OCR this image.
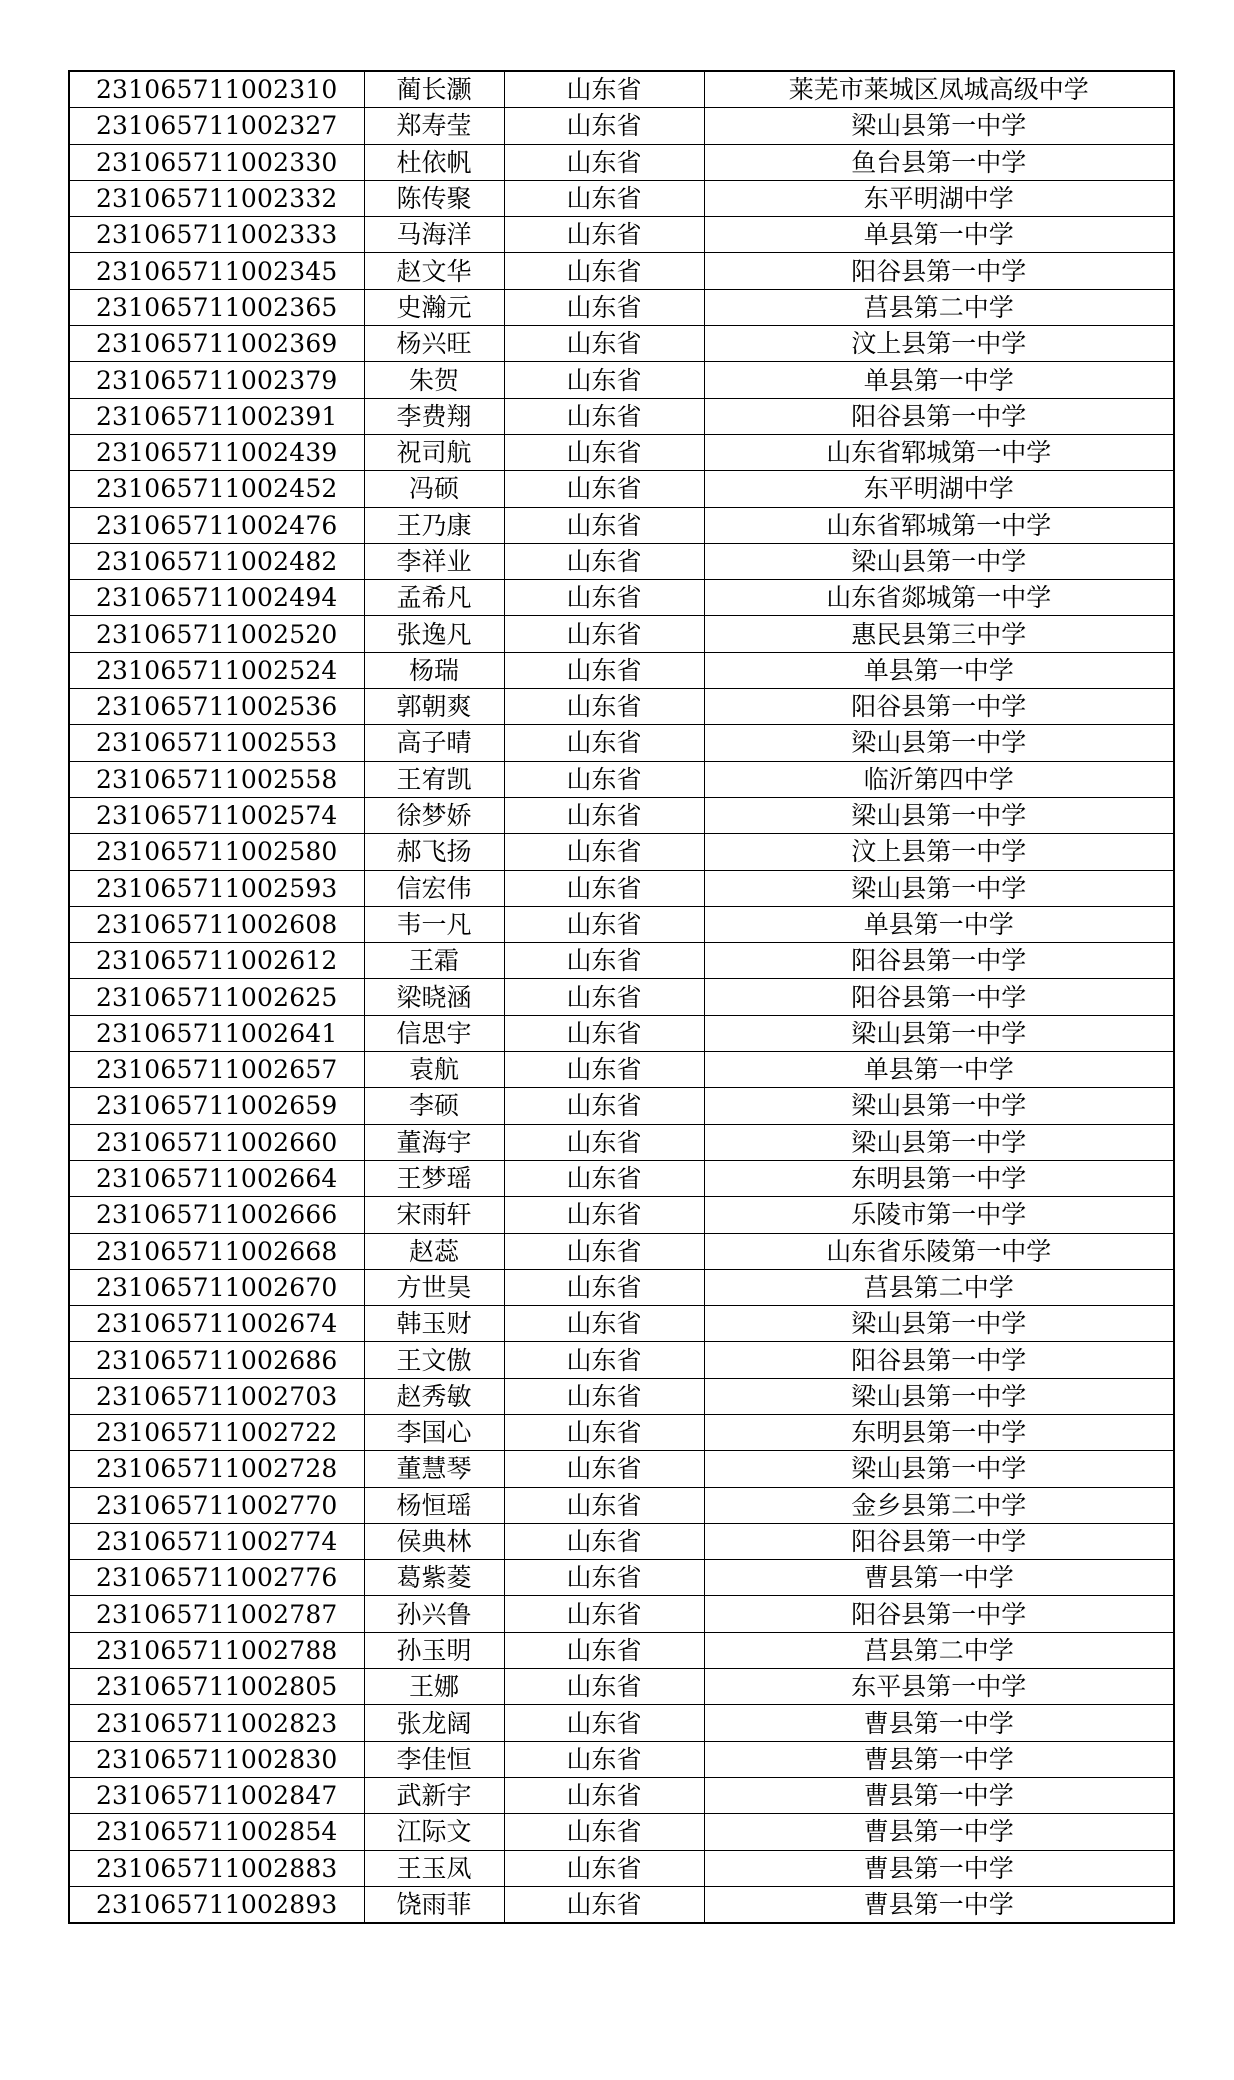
231065711002310	蔺长灏	山东省	莱芜市莱城区凤城高级中学
231065711002327	郑寿莹	山东省	梁山县第一中学
231065711002330	杜依帆	山东省	鱼台县第一中学
231065711002332	陈传聚	山东省	东平明湖中学
231065711002333	马海洋	山东省	单县第一中学
231065711002345	赵文华	山东省	阳谷县第一中学
231065711002365	史瀚元	山东省	莒县第二中学
231065711002369	杨兴旺	山东省	汶上县第一中学
231065711002379	朱贺	山东省	单县第一中学
231065711002391	李费翔	山东省	阳谷县第一中学
231065711002439	祝司航	山东省	山东省郓城第一中学
231065711002452	冯硕	山东省	东平明湖中学
231065711002476	王乃康	山东省	山东省郓城第一中学
231065711002482	李祥业	山东省	梁山县第一中学
231065711002494	孟希凡	山东省	山东省郯城第一中学
231065711002520	张逸凡	山东省	惠民县第三中学
231065711002524	杨瑞	山东省	单县第一中学
231065711002536	郭朝爽	山东省	阳谷县第一中学
231065711002553	高子晴	山东省	梁山县第一中学
231065711002558	王宥凯	山东省	临沂第四中学
231065711002574	徐梦娇	山东省	梁山县第一中学
231065711002580	郝飞扬	山东省	汶上县第一中学
231065711002593	信宏伟	山东省	梁山县第一中学
231065711002608	韦一凡	山东省	单县第一中学
231065711002612	王霜	山东省	阳谷县第一中学
231065711002625	梁晓涵	山东省	阳谷县第一中学
231065711002641	信思宇	山东省	梁山县第一中学
231065711002657	袁航	山东省	单县第一中学
231065711002659	李硕	山东省	梁山县第一中学
231065711002660	董海宇	山东省	梁山县第一中学
231065711002664	王梦瑶	山东省	东明县第一中学
231065711002666	宋雨轩	山东省	乐陵市第一中学
231065711002668	赵蕊	山东省	山东省乐陵第一中学
231065711002670	方世昊	山东省	莒县第二中学
231065711002674	韩玉财	山东省	梁山县第一中学
231065711002686	王文傲	山东省	阳谷县第一中学
231065711002703	赵秀敏	山东省	梁山县第一中学
231065711002722	李国心	山东省	东明县第一中学
231065711002728	董慧琴	山东省	梁山县第一中学
231065711002770	杨恒瑶	山东省	金乡县第二中学
231065711002774	侯典林	山东省	阳谷县第一中学
231065711002776	葛紫菱	山东省	曹县第一中学
231065711002787	孙兴鲁	山东省	阳谷县第一中学
231065711002788	孙玉明	山东省	莒县第二中学
231065711002805	王娜	山东省	东平县第一中学
231065711002823	张龙阔	山东省	曹县第一中学
231065711002830	李佳恒	山东省	曹县第一中学
231065711002847	武新宇	山东省	曹县第一中学
231065711002854	江际文	山东省	曹县第一中学
231065711002883	王玉凤	山东省	曹县第一中学
231065711002893	饶雨菲	山东省	曹县第一中学
